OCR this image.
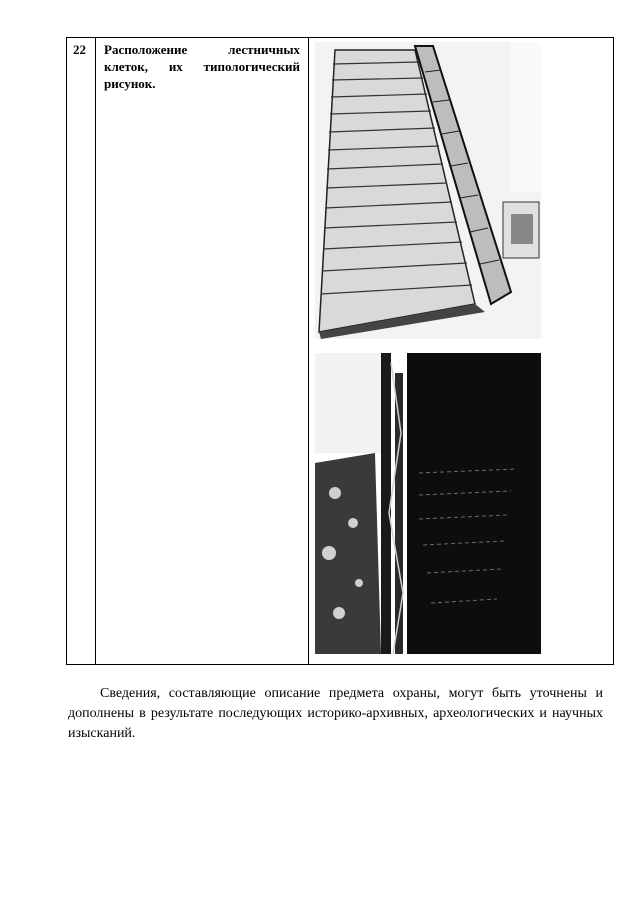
22	Расположение лестничных клеток, их типологический рисунок.	

Сведения, составляющие описание предмета охраны, могут быть уточнены и дополнены в результате последующих историко-архивных, археологических и научных изысканий.
